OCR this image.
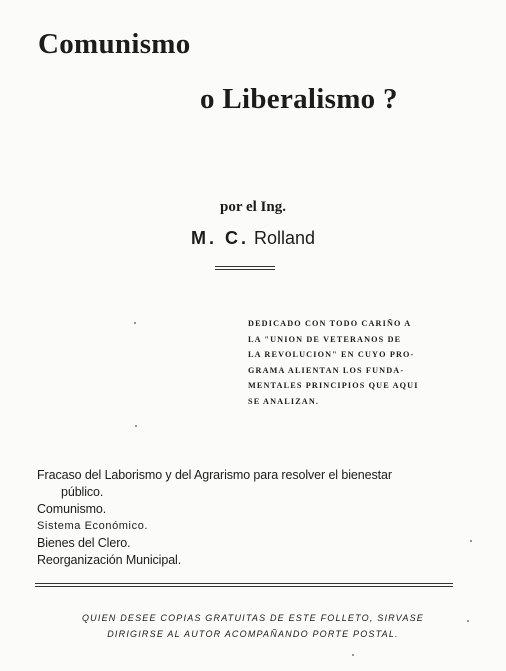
Comunismo
o Liberalismo ?
por el Ing.
M. C. Rolland
DEDICADO CON TODO CARIÑO A
LA "UNION DE VETERANOS DE
LA REVOLUCION" EN CUYO PRO-
GRAMA ALIENTAN LOS FUNDA-
MENTALES PRINCIPIOS QUE AQUI
SE ANALIZAN.
Fracaso del Laborismo y del Agrarismo para resolver el bienestar
público.
Comunismo.
Sistema Económico.
Bienes del Clero.
Reorganización Municipal.
QUIEN DESEE COPIAS GRATUITAS DE ESTE FOLLETO, SIRVASE
DIRIGIRSE AL AUTOR ACOMPAÑANDO PORTE POSTAL.
